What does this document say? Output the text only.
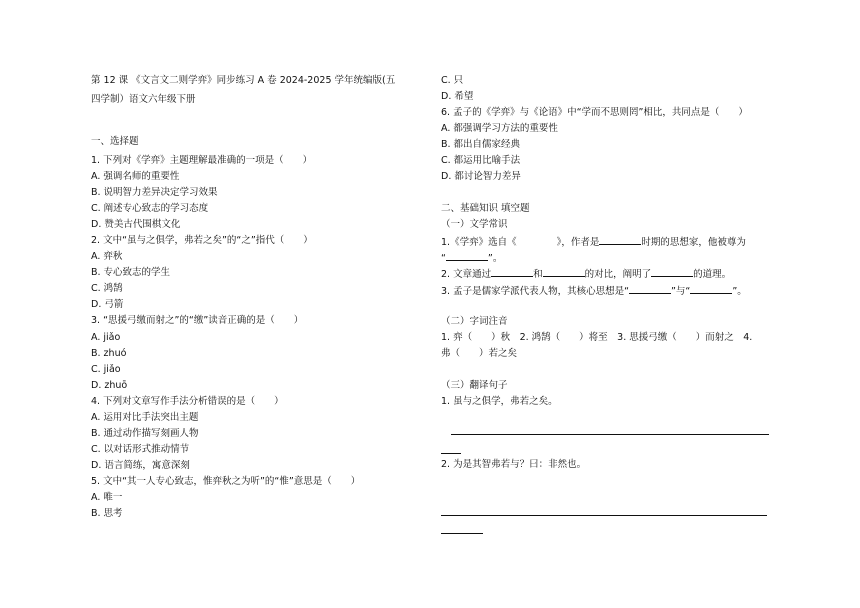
第 12 课 《文言文二则学弈》同步练习 A 卷 2024-2025 学年统编版(五
四学制）语文六年级下册
一、选择题
1. 下列对《学弈》主题理解最准确的一项是（　　）
A. 强调名师的重要性
B. 说明智力差异决定学习效果
C. 阐述专心致志的学习态度
D. 赞美古代围棋文化
2. 文中“虽与之俱学，弗若之矣”的“之”指代（　　）
A. 弈秋
B. 专心致志的学生
C. 鸿鹄
D. 弓箭
3. “思援弓缴而射之”的“缴”读音正确的是（　　）
A. jiǎo
B. zhuó
C. jiǎo
D. zhuō
4. 下列对文章写作手法分析错误的是（　　）
A. 运用对比手法突出主题
B. 通过动作描写刻画人物
C. 以对话形式推动情节
D. 语言简练，寓意深刻
5. 文中“其一人专心致志，惟弈秋之为听”的“惟”意思是（　　）
A. 唯一
B. 思考
C. 只
D. 希望
6. 孟子的《学弈》与《论语》中“学而不思则罔”相比，共同点是（　　）
A. 都强调学习方法的重要性
B. 都出自儒家经典
C. 都运用比喻手法
D. 都讨论智力差异
二、基础知识 填空题
（一）文学常识
1.《学弈》选自《	》，作者是	时期的思想家，他被尊为
“	”。
2. 文章通过	和	的对比，阐明了	的道理。
3. 孟子是儒家学派代表人物，其核心思想是“	”与“	”。
（二）字词注音
1. 弈（　　）秋　2. 鸿鹄（　　）将至　3. 思援弓缴（　　）而射之　4.
弗（　　）若之矣
（三）翻译句子
1. 虽与之俱学，弗若之矣。
2. 为是其智弗若与？曰：非然也。
